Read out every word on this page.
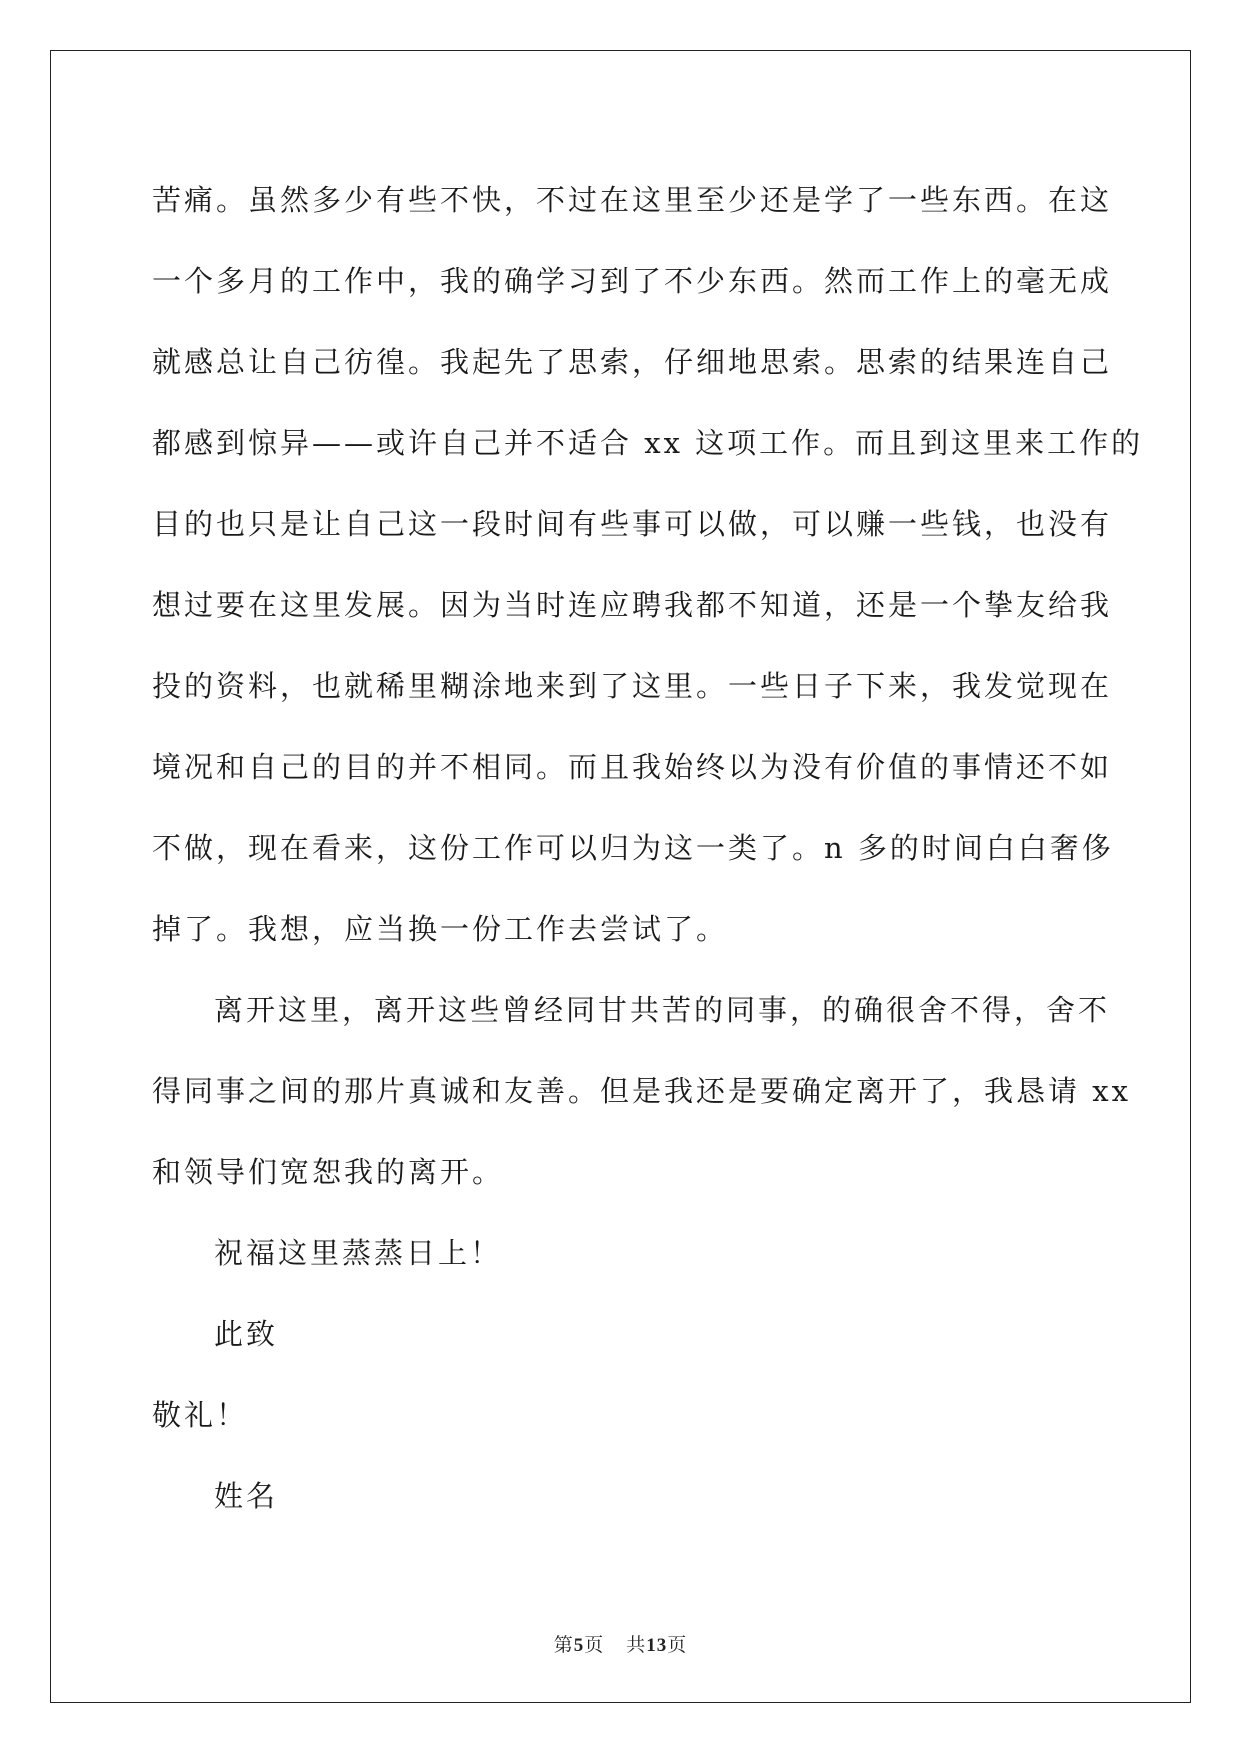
苦痛。虽然多少有些不快，不过在这里至少还是学了一些东西。在这
一个多月的工作中，我的确学习到了不少东西。然而工作上的毫无成
就感总让自己彷徨。我起先了思索，仔细地思索。思索的结果连自己
都感到惊异——或许自己并不适合 xx 这项工作。而且到这里来工作的
目的也只是让自己这一段时间有些事可以做，可以赚一些钱，也没有
想过要在这里发展。因为当时连应聘我都不知道，还是一个挚友给我
投的资料，也就稀里糊涂地来到了这里。一些日子下来，我发觉现在
境况和自己的目的并不相同。而且我始终以为没有价值的事情还不如
不做，现在看来，这份工作可以归为这一类了。n 多的时间白白奢侈
掉了。我想，应当换一份工作去尝试了。
离开这里，离开这些曾经同甘共苦的同事，的确很舍不得，舍不
得同事之间的那片真诚和友善。但是我还是要确定离开了，我恳请 xx
和领导们宽恕我的离开。
祝福这里蒸蒸日上！
此致
敬礼！
姓名
第5页 共13页
